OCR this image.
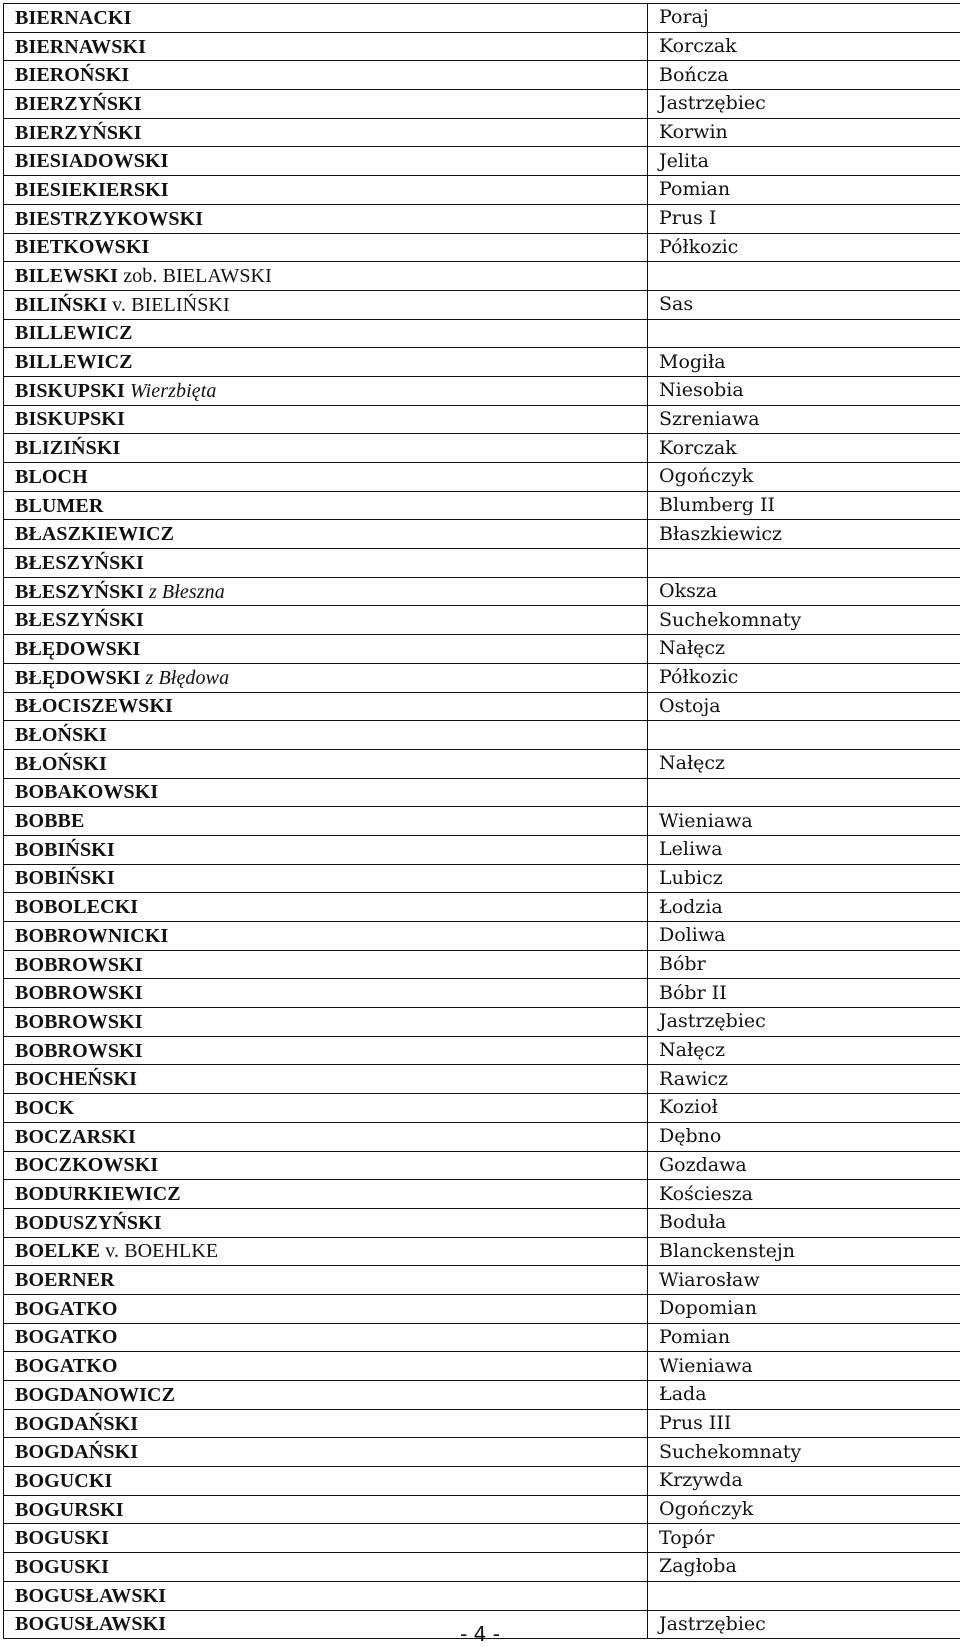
BIERNACKI	Poraj
BIERNAWSKI	Korczak
BIEROŃSKI	Bończa
BIERZYŃSKI	Jastrzębiec
BIERZYŃSKI	Korwin
BIESIADOWSKI	Jelita
BIESIEKIERSKI	Pomian
BIESTRZYKOWSKI	Prus I
BIETKOWSKI	Półkozic
BILEWSKI zob. BIELAWSKI	
BILIŃSKI v. BIELIŃSKI	Sas
BILLEWICZ	
BILLEWICZ	Mogiła
BISKUPSKI Wierzbięta	Niesobia
BISKUPSKI	Szreniawa
BLIZIŃSKI	Korczak
BLOCH	Ogończyk
BLUMER	Blumberg II
BŁASZKIEWICZ	Błaszkiewicz
BŁESZYŃSKI	
BŁESZYŃSKI z Błeszna	Oksza
BŁESZYŃSKI	Suchekomnaty
BŁĘDOWSKI	Nałęcz
BŁĘDOWSKI z Błędowa	Półkozic
BŁOCISZEWSKI	Ostoja
BŁOŃSKI	
BŁOŃSKI	Nałęcz
BOBAKOWSKI	
BOBBE	Wieniawa
BOBIŃSKI	Leliwa
BOBIŃSKI	Lubicz
BOBOLECKI	Łodzia
BOBROWNICKI	Doliwa
BOBROWSKI	Bóbr
BOBROWSKI	Bóbr II
BOBROWSKI	Jastrzębiec
BOBROWSKI	Nałęcz
BOCHEŃSKI	Rawicz
BOCK	Kozioł
BOCZARSKI	Dębno
BOCZKOWSKI	Gozdawa
BODURKIEWICZ	Kościesza
BODUSZYŃSKI	Boduła
BOELKE v. BOEHLKE	Blanckenstejn
BOERNER	Wiarosław
BOGATKO	Dopomian
BOGATKO	Pomian
BOGATKO	Wieniawa
BOGDANOWICZ	Łada
BOGDAŃSKI	Prus III
BOGDAŃSKI	Suchekomnaty
BOGUCKI	Krzywda
BOGURSKI	Ogończyk
BOGUSKI	Topór
BOGUSKI	Zagłoba
BOGUSŁAWSKI	
BOGUSŁAWSKI	Jastrzębiec
- 4 -
